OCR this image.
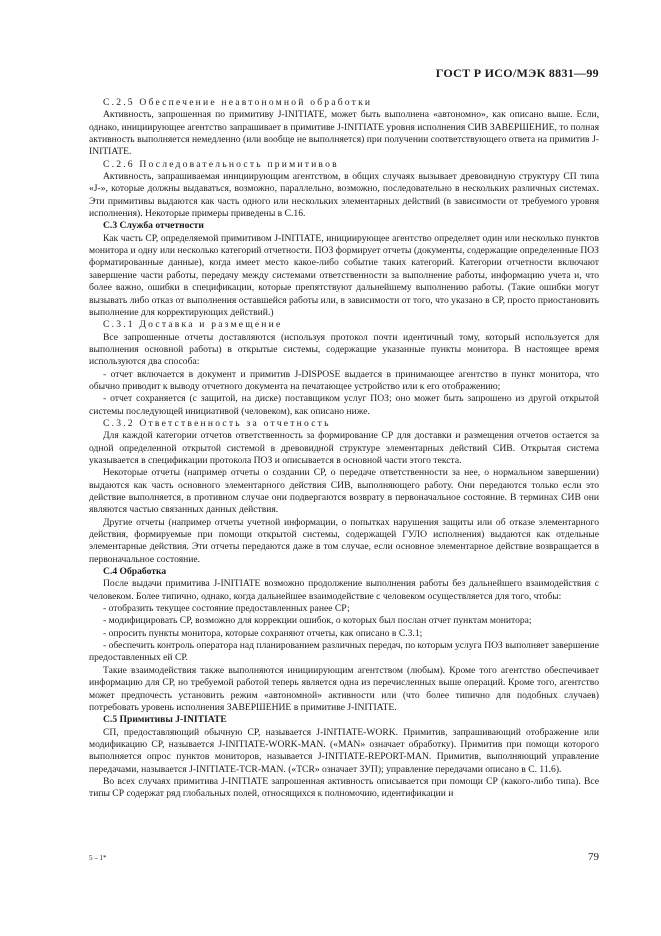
ГОСТ Р ИСО/МЭК 8831—99

С.2.5 Обеспечение неавтономной обработки

Активность, запрошенная по примитиву J-INITIATE, может быть выполнена «автономно», как описано выше. Если, однако, инициирующее агентство запрашивает в примитиве J-INITIATE уровня исполнения СИВ ЗАВЕРШЕНИЕ, то полная активность выполняется немедленно (или вообще не выполняется) при получении соответствующего ответа на примитив J-INITIATE.

С.2.6 Последовательность примитивов

Активность, запрашиваемая инициирующим агентством, в общих случаях вызывает древовидную структуру СП типа «J-», которые должны выдаваться, возможно, параллельно, возможно, последовательно в нескольких различных системах. Эти примитивы выдаются как часть одного или нескольких элементарных действий (в зависимости от требуемого уровня исполнения). Некоторые примеры приведены в С.16.

С.3 Служба отчетности

Как часть СР, определяемой примитивом J-INITIATE, инициирующее агентство определяет один или несколько пунктов монитора и одну или несколько категорий отчетности. ПОЗ формирует отчеты (документы, содержащие определенные ПОЗ форматированные данные), когда имеет место какое-либо событие таких категорий. Категории отчетности включают завершение части работы, передачу между системами ответственности за выполнение работы, информацию учета и, что более важно, ошибки в спецификации, которые препятствуют дальнейшему выполнению работы. (Такие ошибки могут вызывать либо отказ от выполнения оставшейся работы или, в зависимости от того, что указано в СР, просто приостановить выполнение для корректирующих действий.)

С.3.1 Доставка и размещение

Все запрошенные отчеты доставляются (используя протокол почти идентичный тому, который используется для выполнения основной работы) в открытые системы, содержащие указанные пункты монитора. В настоящее время используются два способа:

- отчет включается в документ и примитив J-DISPOSE выдается в принимающее агентство в пункт монитора, что обычно приводит к выводу отчетного документа на печатающее устройство или к его отображению;

- отчет сохраняется (с защитой, на диске) поставщиком услуг ПОЗ; оно может быть запрошено из другой открытой системы последующей инициативой (человеком), как описано ниже.

С.3.2 Ответственность за отчетность

Для каждой категории отчетов ответственность за формирование СР для доставки и размещения отчетов остается за одной определенной открытой системой в древовидной структуре элементарных действий СИВ. Открытая система указывается в спецификации протокола ПОЗ и описывается в основной части этого текста.

Некоторые отчеты (например отчеты о создании СР, о передаче ответственности за нее, о нормальном завершении) выдаются как часть основного элементарного действия СИВ, выполняющего работу. Они передаются только если это действие выполняется, в противном случае они подвергаются возврату в первоначальное состояние. В терминах СИВ они являются частью связанных данных действия.

Другие отчеты (например отчеты учетной информации, о попытках нарушения защиты или об отказе элементарного действия, формируемые при помощи открытой системы, содержащей ГУЛО исполнения) выдаются как отдельные элементарные действия. Эти отчеты передаются даже в том случае, если основное элементарное действие возвращается в первоначальное состояние.

С.4 Обработка

После выдачи примитива J-INITIATE возможно продолжение выполнения работы без дальнейшего взаимодействия с человеком. Более типично, однако, когда дальнейшее взаимодействие с человеком осуществляется для того, чтобы:

- отобразить текущее состояние предоставленных ранее СР;

- модифицировать СР, возможно для коррекции ошибок, о которых был послан отчет пунктам монитора;

- опросить пункты монитора, которые сохраняют отчеты, как описано в С.3.1;

- обеспечить контроль оператора над планированием различных передач, по которым услуга ПОЗ выполняет завершение предоставленных ей СР.

Такие взаимодействия также выполняются инициирующим агентством (любым). Кроме того агентство обеспечивает информацию для СР, но требуемой работой теперь является одна из перечисленных выше операций. Кроме того, агентство может предпочесть установить режим «автономной» активности или (что более типично для подобных случаев) потребовать уровень исполнения ЗАВЕРШЕНИЕ в примитиве J-INITIATE.

С.5 Примитивы J-INITIATE

СП, предоставляющий обычную СР, называется J-INITIATE-WORK. Примитив, запрашивающий отображение или модификацию СР, называется J-INITIATE-WORK-MAN. («MAN» означает обработку). Примитив при помощи которого выполняется опрос пунктов мониторов, называется J-INITIATE-REPORT-MAN. Примитив, выполняющий управление передачами, называется J-INITIATE-TCR-MAN. («TCR» означает ЗУП); управление передачами описано в С. 11.6).

Во всех случаях примитива J-INITIATE запрошенная активность описывается при помощи СР (какого-либо типа). Все типы СР содержат ряд глобальных полей, относящихся к полномочию, идентификации и

5 – 1*	79
